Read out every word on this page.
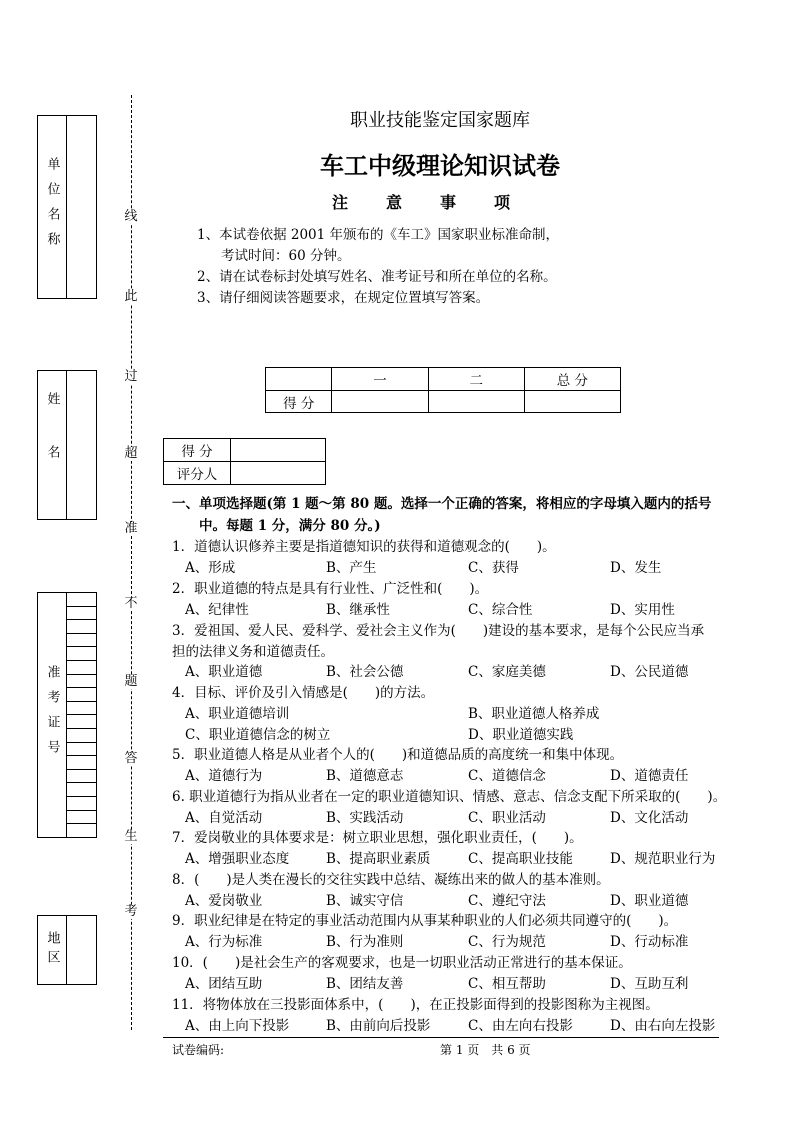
单位名称
姓名
准考证号
地区
线
此
过
超
准
不
题
答
生
考
职业技能鉴定国家题库
车工中级理论知识试卷
注意事项
1、本试卷依据 2001 年颁布的《车工》国家职业标准命制，
考试时间：60 分钟。
2、请在试卷标封处填写姓名、准考证号和所在单位的名称。
3、请仔细阅读答题要求，在规定位置填写答案。
	一	二	总 分
得 分			
得 分	
评分人	
一、单项选择题(第 1 题～第 80 题。选择一个正确的答案，将相应的字母填入题内的括号
中。每题 1 分，满分 80 分。)
1．道德认识修养主要是指道德知识的获得和道德观念的(　　)。
A、形成	B、产生	C、获得	D、发生
2．职业道德的特点是具有行业性、广泛性和(　　)。
A、纪律性	B、继承性	C、综合性	D、实用性
3．爱祖国、爱人民、爱科学、爱社会主义作为(　　)建设的基本要求，是每个公民应当承
担的法律义务和道德责任。
A、职业道德	B、社会公德	C、家庭美德	D、公民道德
4．目标、评价及引入情感是(　　)的方法。
A、职业道德培训	B、职业道德人格养成
C、职业道德信念的树立	D、职业道德实践
5．职业道德人格是从业者个人的(　　)和道德品质的高度统一和集中体现。
A、道德行为	B、道德意志	C、道德信念	D、道德责任
6. 职业道德行为指从业者在一定的职业道德知识、情感、意志、信念支配下所采取的(　　)。
A、自觉活动	B、实践活动	C、职业活动	D、文化活动
7．爱岗敬业的具体要求是：树立职业思想，强化职业责任，(　　)。
A、增强职业态度	B、提高职业素质	C、提高职业技能	D、规范职业行为
8．(　　)是人类在漫长的交往实践中总结、凝练出来的做人的基本准则。
A、爱岗敬业	B、诚实守信	C、遵纪守法	D、职业道德
9．职业纪律是在特定的事业活动范围内从事某种职业的人们必须共同遵守的(　　)。
A、行为标准	B、行为准则	C、行为规范	D、行动标准
10．(　　)是社会生产的客观要求，也是一切职业活动正常进行的基本保证。
A、团结互助	B、团结友善	C、相互帮助	D、互助互利
11．将物体放在三投影面体系中，(　　)，在正投影面得到的投影图称为主视图。
A、由上向下投影	B、由前向后投影	C、由左向右投影	D、由右向左投影
试卷编码:	第 1 页　共 6 页
